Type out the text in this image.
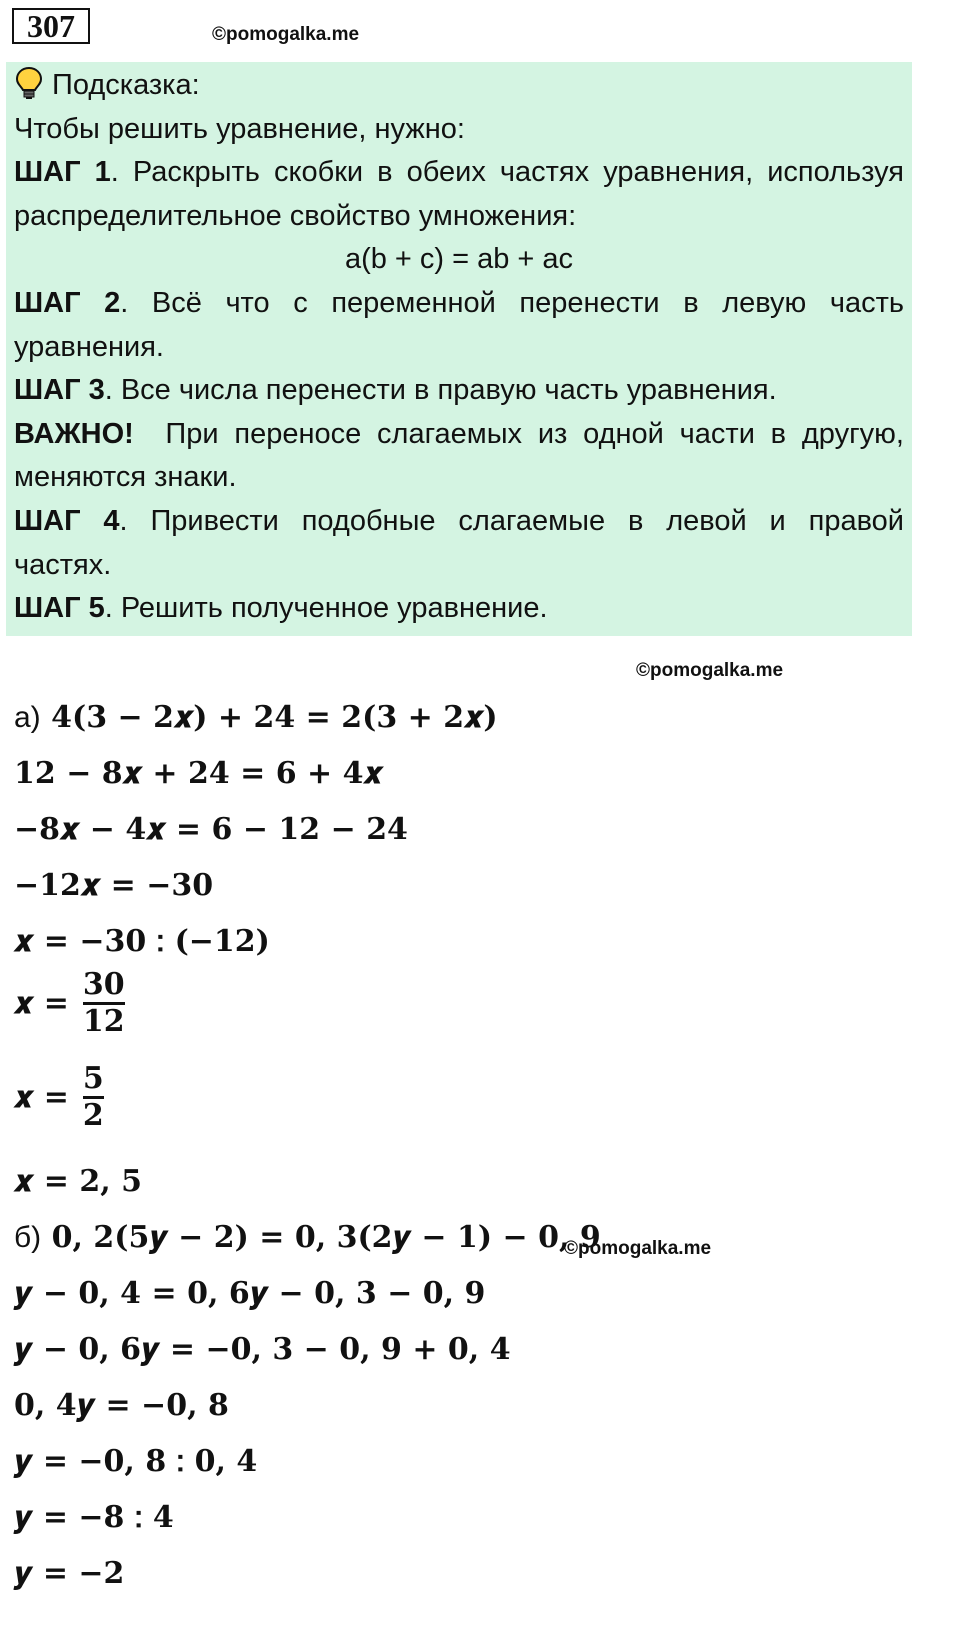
307	©pomogalka.me
Подсказка:
Чтобы решить уравнение, нужно:
ШАГ 1. Раскрыть скобки в обеих частях уравнения, используя
распределительное свойство умножения:
a(b + c) = ab + ac
ШАГ 2. Всё что с переменной перенести в левую часть
уравнения.
ШАГ 3. Все числа перенести в правую часть уравнения.
ВАЖНО! При переносе слагаемых из одной части в другую,
меняются знаки.
ШАГ 4. Привести подобные слагаемые в левой и правой
частях.
ШАГ 5. Решить полученное уравнение.
©pomogalka.me
а) 4(3 − 2𝒙) + 24 = 2(3 + 2𝒙)
12 − 8𝒙 + 24 = 6 + 4𝒙
−8𝒙 − 4𝒙 = 6 − 12 − 24
−12𝒙 = −30
𝒙 = −30 ∶ (−12)
𝒙 = $\frac{30}{12}$
𝒙 = $\frac{5}{2}$
𝒙 = 2, 5
б) 0, 2(5𝒚 − 2) = 0, 3(2𝒚 − 1) − 0, 9
©pomogalka.me
𝒚 − 0, 4 = 0, 6𝒚 − 0, 3 − 0, 9
𝒚 − 0, 6𝒚 = −0, 3 − 0, 9 + 0, 4
0, 4𝒚 = −0, 8
𝒚 = −0, 8 ∶ 0, 4
𝒚 = −8 ∶ 4
𝒚 = −2
